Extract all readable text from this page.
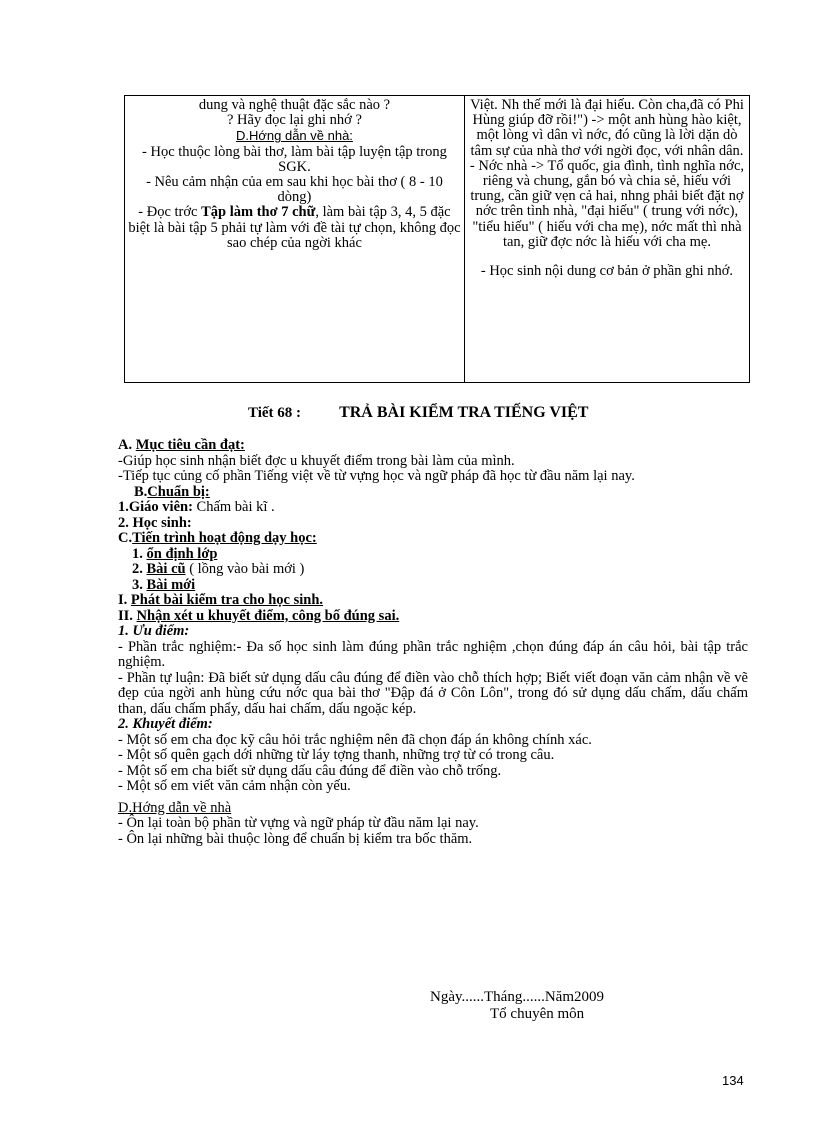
dung và nghệ thuật đặc sắc nào ?

? Hãy đọc lại ghi nhớ ?

D.Hớng dẫn về nhà:

- Học thuộc lòng bài thơ, làm bài tập luyện tập trong SGK.

- Nêu cảm nhận của em sau khi học bài thơ ( 8 - 10 dòng)

- Đọc trớc Tập làm thơ 7 chữ, làm bài tập 3, 4, 5 đặc biệt là bài tập 5 phải tự làm với đề tài tự chọn, không đọc sao chép của ngời khác

Việt. Nh thế mới là đại hiếu. Còn cha,đã có Phi Hùng giúp đỡ rồi!") -> một anh hùng hào kiệt, một lòng vì dân vì nớc, đó cũng là lời dặn dò tâm sự của nhà thơ với ngời đọc, với nhân dân.

- Nớc nhà -> Tổ quốc, gia đình, tình nghĩa nớc, riêng và chung, gắn bó và chia sẻ, hiếu với trung, cần giữ vẹn cả hai, nhng phải biết đặt nợ nớc trên tình nhà, "đại hiếu" ( trung với nớc), "tiểu hiếu" ( hiếu với cha mẹ), nớc mất thì nhà tan, giữ đợc nớc là hiếu với cha mẹ.

- Học sinh nội dung cơ bản ở phần ghi nhớ.

Tiết 68 : TRẢ BÀI KIỂM TRA TIẾNG VIỆT

A. Mục tiêu cần đạt:

-Giúp học sinh nhận biết đợc u khuyết điểm trong bài làm của mình.

-Tiếp tục củng cố phần Tiếng việt về từ vựng học và ngữ pháp đã học từ đầu năm lại nay.

B.Chuẩn bị:

1.Giáo viên: Chấm bài kĩ .

2. Học sinh:

C.Tiến trình hoạt động dạy học:

1. ổn định lớp

2. Bài cũ ( lồng vào bài mới )

3. Bài mới

I. Phát bài kiểm tra cho học sinh.

II. Nhận xét u khuyết điểm, công bố đúng sai.

1. Ưu điểm:

- Phần trắc nghiệm:- Đa số học sinh làm đúng phần trắc nghiệm ,chọn đúng đáp án câu hỏi, bài tập trắc nghiệm.

- Phần tự luận: Đã biết sử dụng dấu câu đúng để điền vào chỗ thích hợp; Biết viết đoạn văn cảm nhận về vẽ đẹp của ngời anh hùng cứu nớc qua bài thơ "Đập đá ở Côn Lôn", trong đó sử dụng dấu chấm, dấu chấm than, dấu chấm phẩy, dấu hai chấm, dấu ngoặc kép.

2. Khuyết điểm:

- Một số em cha đọc kỹ câu hỏi trắc nghiệm nên đã chọn đáp án không chính xác.

- Một số quên gạch dới những từ láy tợng thanh, những trợ từ có trong câu.

- Một số em cha biết sử dụng dấu câu đúng để điền vào chỗ trống.

- Một số em viết văn cảm nhận còn yếu.

D.Hớng dẫn về nhà

- Ôn lại toàn bộ phần từ vựng và ngữ pháp từ đầu năm lại nay.

- Ôn lại những bài thuộc lòng để chuẩn bị kiểm tra bốc thăm.

Ngày......Tháng......Năm2009

Tổ chuyên môn

134
